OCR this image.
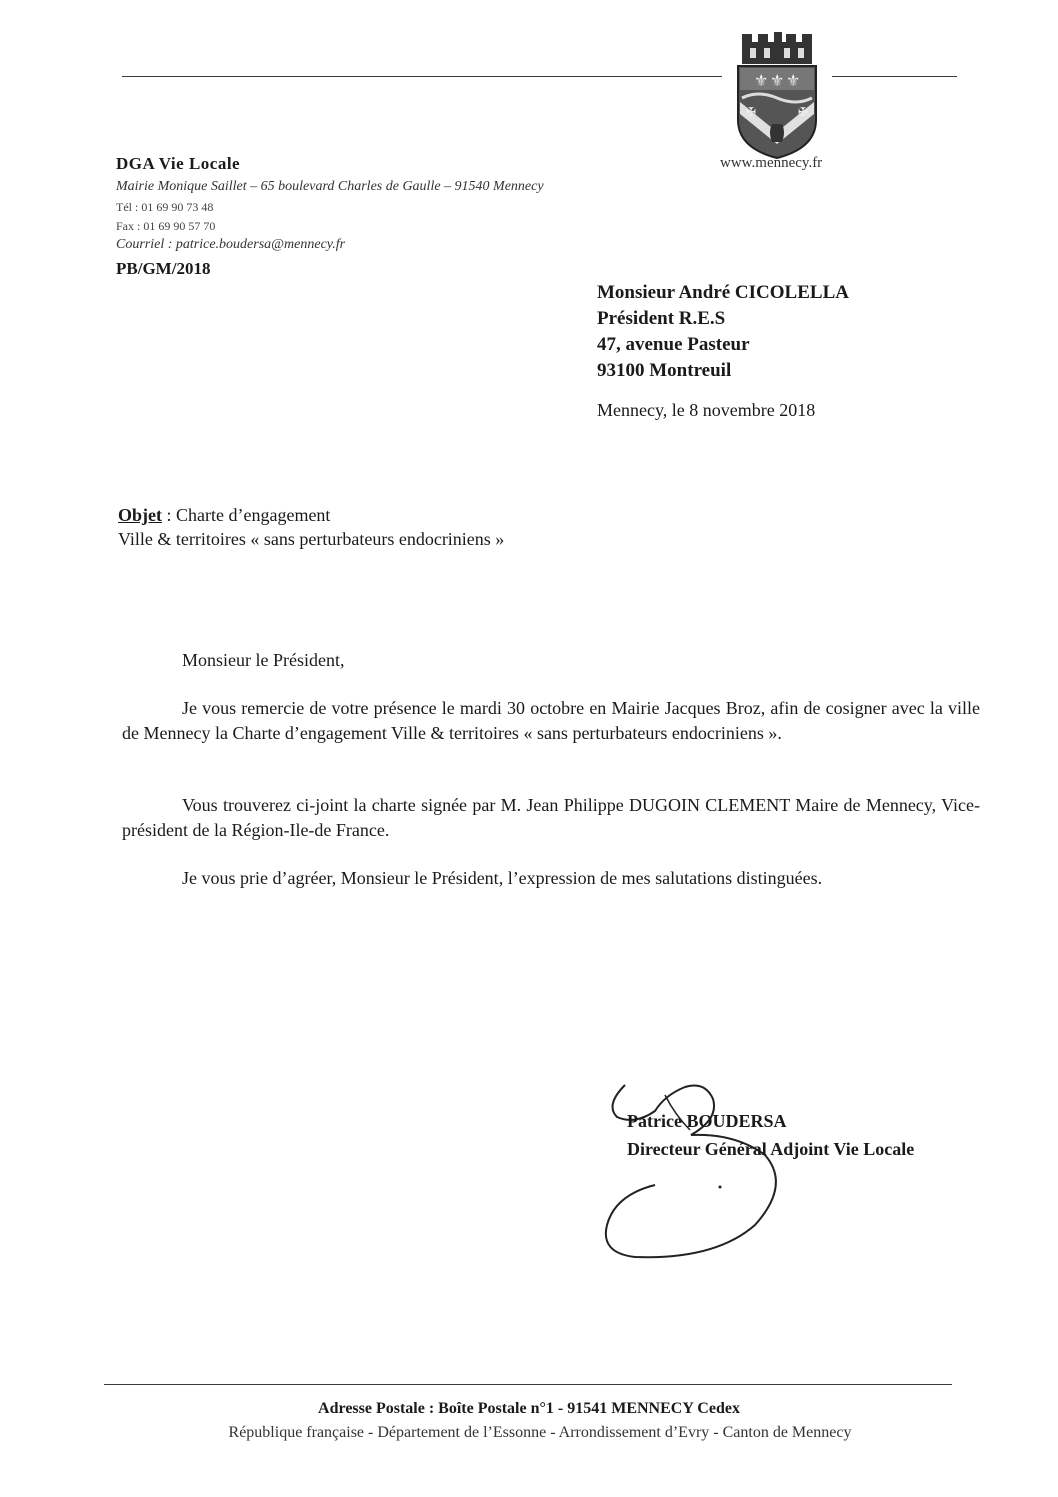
⚜ ⚜ ⚜
✠	✠
www.mennecy.fr
DGA Vie Locale
Mairie Monique Saillet – 65 boulevard Charles de Gaulle – 91540 Mennecy
Tél : 01 69 90 73 48
Fax : 01 69 90 57 70
Courriel : patrice.boudersa@mennecy.fr
PB/GM/2018
Monsieur André CICOLELLA
Président R.E.S
47, avenue Pasteur
93100 Montreuil
Mennecy, le 8 novembre 2018
Objet : Charte d’engagement
Ville & territoires « sans perturbateurs endocriniens »
Monsieur le Président,
Je vous remercie de votre présence le mardi 30 octobre en Mairie Jacques Broz, afin de cosigner avec la ville de Mennecy la Charte d’engagement Ville & territoires « sans perturbateurs endocriniens ».
Vous trouverez ci-joint la charte signée par M. Jean Philippe DUGOIN CLEMENT Maire de Mennecy, Vice-président de la Région-Ile-de France.
Je vous prie d’agréer, Monsieur le Président, l’expression de mes salutations distinguées.
Patrice BOUDERSA
Directeur Général Adjoint Vie Locale
Adresse Postale : Boîte Postale n°1 - 91541 MENNECY Cedex
République française - Département de l’Essonne - Arrondissement d’Evry - Canton de Mennecy
